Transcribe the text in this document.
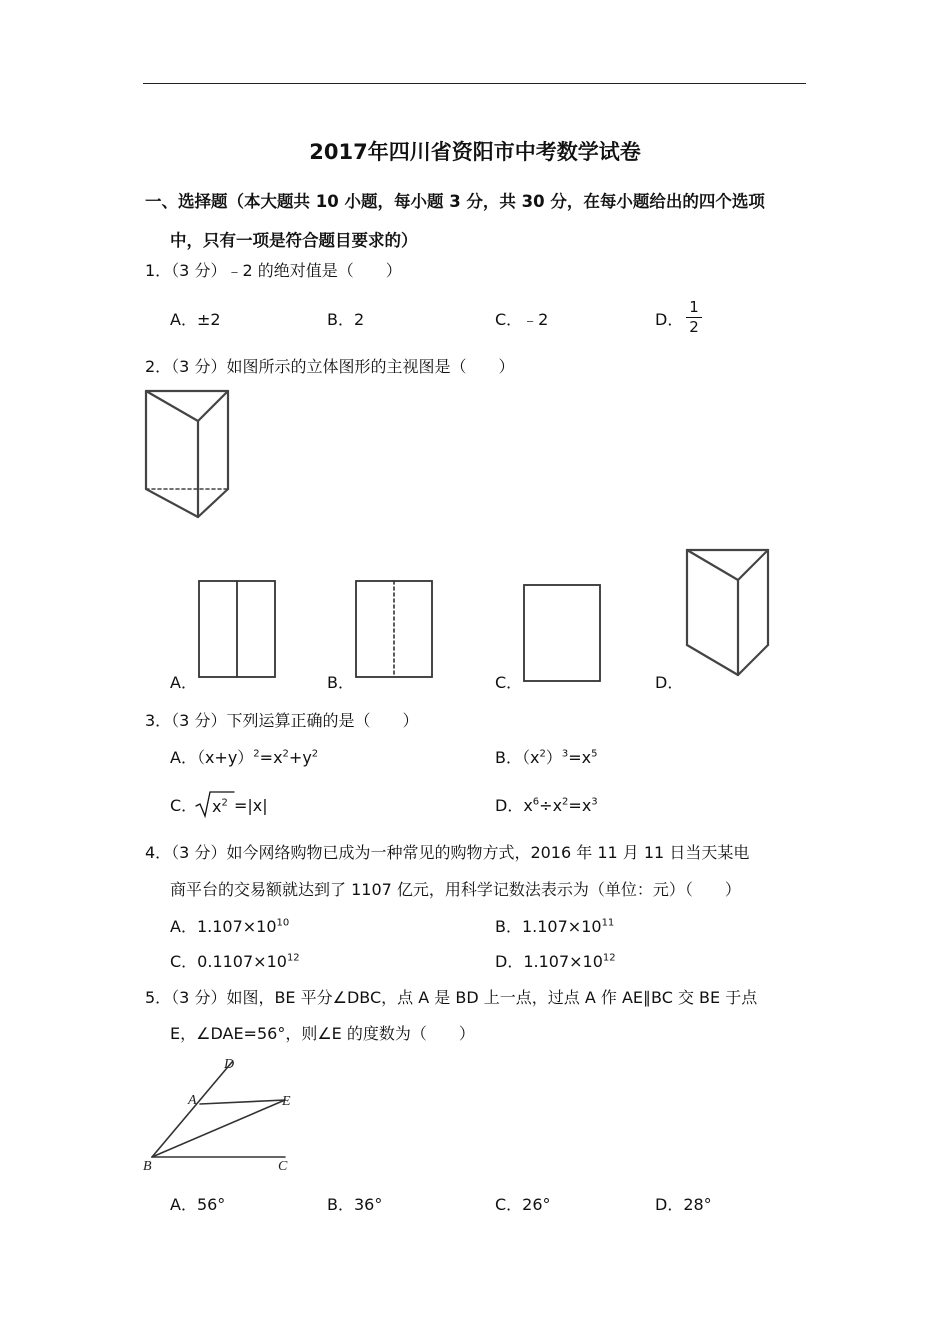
2017年四川省资阳市中考数学试卷
一、选择题（本大题共 10 小题，每小题 3 分，共 30 分，在每小题给出的四个选项
中，只有一项是符合题目要求的）
1．（3 分）﹣2 的绝对值是（　　）
A．±2	B．2	C．﹣2	D．
1
2
2．（3 分）如图所示的立体图形的主视图是（　　）
A．	B．	C．	D．
3．（3 分）下列运算正确的是（　　）
A．$(x+y)^2=x^2+y^2$	B．$(x^2)^3=x^5$
C． $x^2 =|x|$	D．$x^6\div x^2=x^3$
4．（3 分）如今网络购物已成为一种常见的购物方式，2016 年 11 月 11 日当天某电
商平台的交易额就达到了 1107 亿元，用科学记数法表示为（单位：元）（　　）
A．$1.107\times 10^{10}$	B．$1.107\times 10^{11}$
C．$0.1107\times 10^{12}$	D．$1.107\times 10^{12}$
5．（3 分）如图，BE 平分∠DBC，点 A 是 BD 上一点，过点 A 作 AE∥BC 交 BE 于点
E，∠DAE=56°，则∠E 的度数为（　　）
D
A	E
B	C
A．56°	B．36°	C．26°	D．28°
